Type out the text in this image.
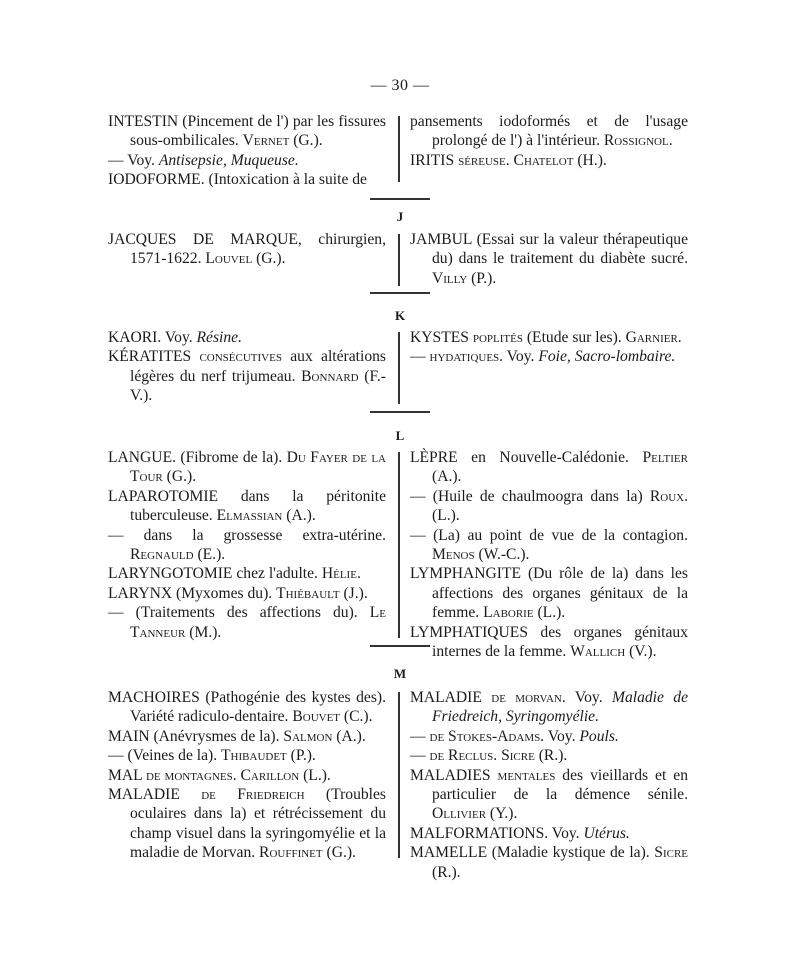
— 30 —

INTESTIN (Pincement de l') par les fissures sous-ombilicales. Vernet (G.).

— Voy. Antisepsie, Muqueuse.

IODOFORME. (Intoxication à la suite de

pansements iodoformés et de l'usage prolongé de l') à l'intérieur. Rossignol.

IRITIS séreuse. Chatelot (H.).

J

JACQUES DE MARQUE, chirurgien, 1571-1622. Louvel (G.).

JAMBUL (Essai sur la valeur thérapeutique du) dans le traitement du diabète sucré. Villy (P.).

K

KAORI. Voy. Résine.

KÉRATITES consécutives aux altérations légères du nerf trijumeau. Bonnard (F.-V.).

KYSTES poplités (Etude sur les). Garnier.

— hydatiques. Voy. Foie, Sacro-lombaire.

L

LANGUE. (Fibrome de la). Du Fayer de la Tour (G.).

LAPAROTOMIE dans la péritonite tuberculeuse. Elmassian (A.).

— dans la grossesse extra-utérine. Regnauld (E.).

LARYNGOTOMIE chez l'adulte. Hélie.

LARYNX (Myxomes du). Thiébault (J.).

— (Traitements des affections du). Le Tanneur (M.).

LÈPRE en Nouvelle-Calédonie. Peltier (A.).

— (Huile de chaulmoogra dans la) Roux. (L.).

— (La) au point de vue de la contagion. Menos (W.-C.).

LYMPHANGITE (Du rôle de la) dans les affections des organes génitaux de la femme. Laborie (L.).

LYMPHATIQUES des organes génitaux internes de la femme. Wallich (V.).

M

MACHOIRES (Pathogénie des kystes des). Variété radiculo-dentaire. Bouvet (C.).

MAIN (Anévrysmes de la). Salmon (A.).

— (Veines de la). Thibaudet (P.).

MAL de montagnes. Carillon (L.).

MALADIE de Friedreich (Troubles oculaires dans la) et rétrécissement du champ visuel dans la syringomyélie et la maladie de Morvan. Rouffinet (G.).

MALADIE de morvan. Voy. Maladie de Friedreich, Syringomyélie.

— de Stokes-Adams. Voy. Pouls.

— de Reclus. Sicre (R.).

MALADIES mentales des vieillards et en particulier de la démence sénile. Ollivier (Y.).

MALFORMATIONS. Voy. Utérus.

MAMELLE (Maladie kystique de la). Sicre (R.).
